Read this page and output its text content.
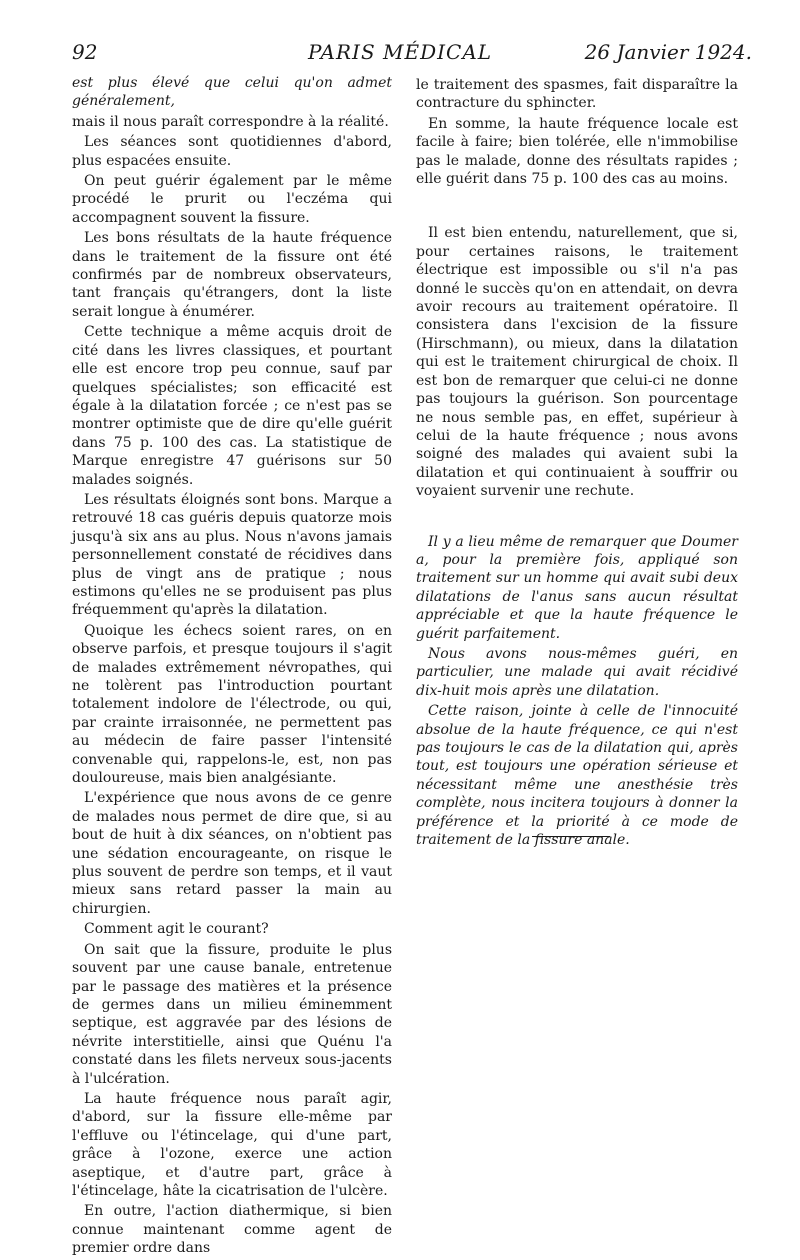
92	PARIS MÉDICAL	26 Janvier 1924.

est plus élevé que celui qu'on admet généralement,

mais il nous paraît correspondre à la réalité.

Les séances sont quotidiennes d'abord, plus espacées ensuite.

On peut guérir également par le même procédé le prurit ou l'eczéma qui accompagnent souvent la fissure.

Les bons résultats de la haute fréquence dans le traitement de la fissure ont été confirmés par de nombreux observateurs, tant français qu'étrangers, dont la liste serait longue à énumérer.

Cette technique a même acquis droit de cité dans les livres classiques, et pourtant elle est encore trop peu connue, sauf par quelques spécialistes; son efficacité est égale à la dilatation forcée ; ce n'est pas se montrer optimiste que de dire qu'elle guérit dans 75 p. 100 des cas. La statistique de Marque enregistre 47 guérisons sur 50 malades soignés.

Les résultats éloignés sont bons. Marque a retrouvé 18 cas guéris depuis quatorze mois jusqu'à six ans au plus. Nous n'avons jamais personnellement constaté de récidives dans plus de vingt ans de pratique ; nous estimons qu'elles ne se produisent pas plus fréquemment qu'après la dilatation.

Quoique les échecs soient rares, on en observe parfois, et presque toujours il s'agit de malades extrêmement névropathes, qui ne tolèrent pas l'introduction pourtant totalement indolore de l'électrode, ou qui, par crainte irraisonnée, ne permettent pas au médecin de faire passer l'intensité convenable qui, rappelons-le, est, non pas douloureuse, mais bien analgésiante.

L'expérience que nous avons de ce genre de malades nous permet de dire que, si au bout de huit à dix séances, on n'obtient pas une sédation encourageante, on risque le plus souvent de perdre son temps, et il vaut mieux sans retard passer la main au chirurgien.

Comment agit le courant?

On sait que la fissure, produite le plus souvent par une cause banale, entretenue par le passage des matières et la présence de germes dans un milieu éminemment septique, est aggravée par des lésions de névrite interstitielle, ainsi que Quénu l'a constaté dans les filets nerveux sous-jacents à l'ulcération.

La haute fréquence nous paraît agir, d'abord, sur la fissure elle-même par l'effluve ou l'étincelage, qui d'une part, grâce à l'ozone, exerce une action aseptique, et d'autre part, grâce à l'étincelage, hâte la cicatrisation de l'ulcère.

En outre, l'action diathermique, si bien connue maintenant comme agent de premier ordre dans

le traitement des spasmes, fait disparaître la contracture du sphincter.

En somme, la haute fréquence locale est facile à faire; bien tolérée, elle n'immobilise pas le malade, donne des résultats rapides ; elle guérit dans 75 p. 100 des cas au moins.

Il est bien entendu, naturellement, que si, pour certaines raisons, le traitement électrique est impossible ou s'il n'a pas donné le succès qu'on en attendait, on devra avoir recours au traitement opératoire. Il consistera dans l'excision de la fissure (Hirschmann), ou mieux, dans la dilatation qui est le traitement chirurgical de choix. Il est bon de remarquer que celui-ci ne donne pas toujours la guérison. Son pourcentage ne nous semble pas, en effet, supérieur à celui de la haute fréquence ; nous avons soigné des malades qui avaient subi la dilatation et qui continuaient à souffrir ou voyaient survenir une rechute.

Il y a lieu même de remarquer que Doumer a, pour la première fois, appliqué son traitement sur un homme qui avait subi deux dilatations de l'anus sans aucun résultat appréciable et que la haute fréquence le guérit parfaitement.

Nous avons nous-mêmes guéri, en particulier, une malade qui avait récidivé dix-huit mois après une dilatation.

Cette raison, jointe à celle de l'innocuité absolue de la haute fréquence, ce qui n'est pas toujours le cas de la dilatation qui, après tout, est toujours une opération sérieuse et nécessitant même une anesthésie très complète, nous incitera toujours à donner la préférence et la priorité à ce mode de traitement de la fissure anale.
